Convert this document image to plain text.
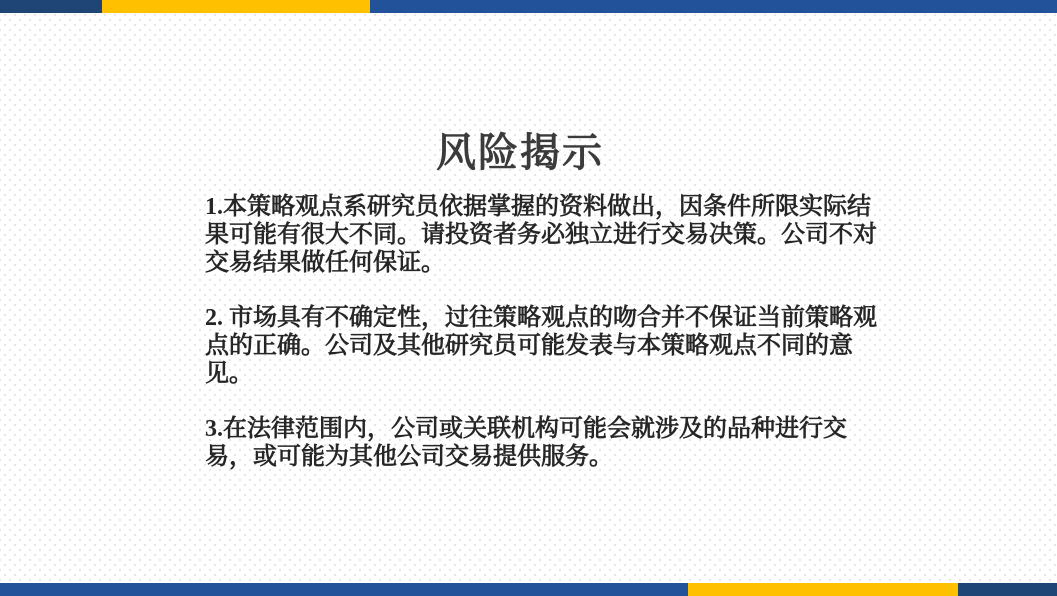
风险揭示

1.本策略观点系研究员依据掌握的资料做出，因条件所限实际结果可能有很大不同。请投资者务必独立进行交易决策。公司不对交易结果做任何保证。

2. 市场具有不确定性，过往策略观点的吻合并不保证当前策略观点的正确。公司及其他研究员可能发表与本策略观点不同的意见。

3.在法律范围内，公司或关联机构可能会就涉及的品种进行交易，或可能为其他公司交易提供服务。
